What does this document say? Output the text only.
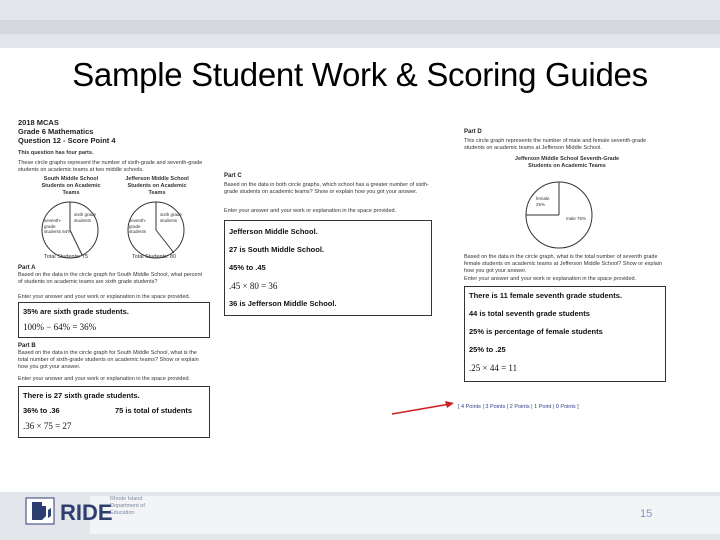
Sample Student Work & Scoring Guides
2018 MCAS
Grade 6 Mathematics
Question 12 - Score Point 4
This question has four parts.
These circle graphs represent the number of sixth-grade and seventh-grade students on academic teams at two middle schools.
South Middle School Students on Academic Teams
Jefferson Middle School Students on Academic Teams
seventh-grade students 64%
sixth grade students	seventh-grade students
sixth grade students
Total Students: 75	Total Students: 80
Part A
Based on the data in the circle graph for South Middle School, what percent of students on academic teams are sixth grade students?
Enter your answer and your work or explanation in the space provided.
35% are sixth grade students.
100% − 64% = 36%
Part B
Based on the data in the circle graph for South Middle School, what is the total number of sixth-grade students on academic teams? Show or explain how you got your answer.
Enter your answer and your work or explanation in the space provided.
There is 27 sixth grade students.
36% to .36	75 is total of students
.36 × 75 = 27
Part C
Based on the data in both circle graphs, which school has a greater number of sixth-grade students on academic teams? Show or explain how you got your answer.
Enter your answer and your work or explanation in the space provided.
Jefferson Middle School.
27 is South Middle School.
45% to .45
.45 × 80 = 36
36 is Jefferson Middle School.
Part D
This circle graph represents the number of male and female seventh-grade students on academic teams at Jefferson Middle School.
Jefferson Middle School Seventh-Grade Students on Academic Teams
female 25%
male 75%
Based on the data in the circle graph, what is the total number of seventh grade female students on academic teams at Jefferson Middle School? Show or explain how you got your answer.
Enter your answer and your work or explanation in the space provided.
There is 11 female seventh grade students.
44 is total seventh grade students
25% is percentage of female students
25% to .25
.25 × 44 = 11
[ 4 Points | 3 Points | 2 Points | 1 Point | 0 Points ]
RIDE
Rhode Island Department of Education	15
